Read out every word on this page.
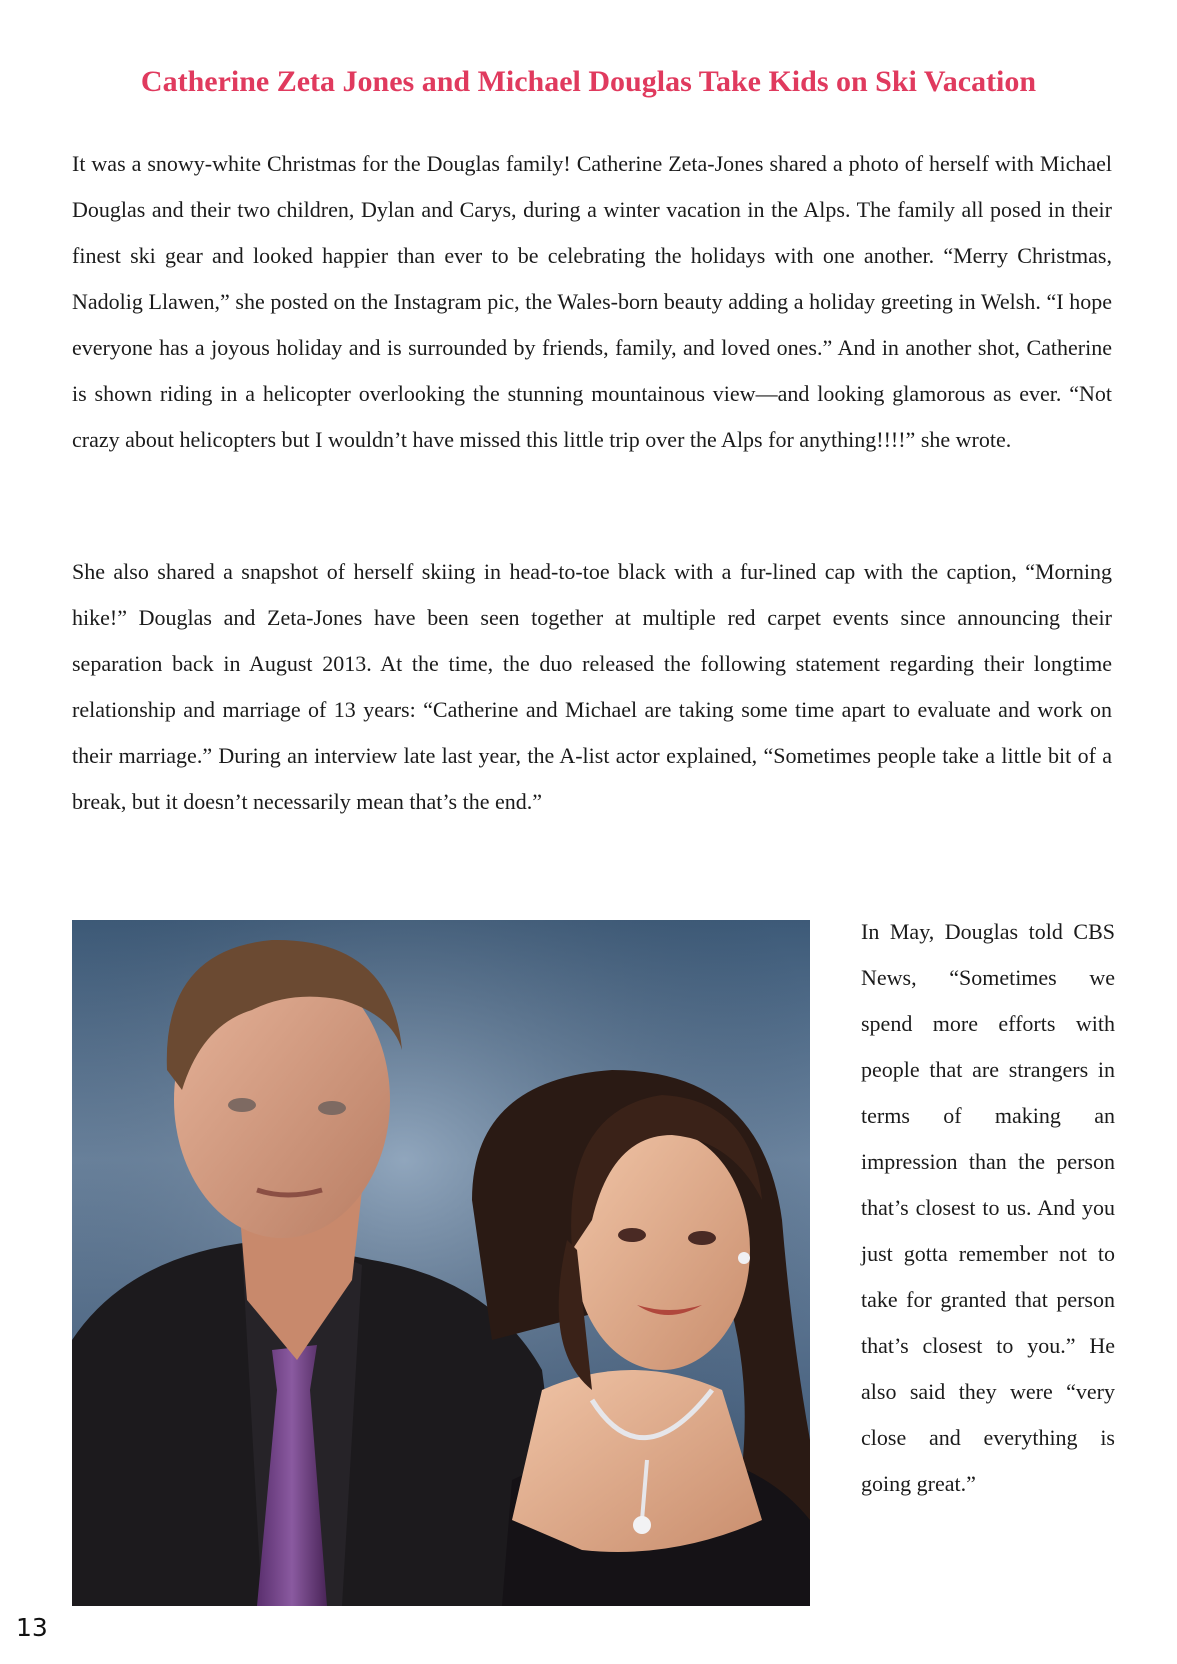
Catherine Zeta Jones and Michael Douglas Take Kids on Ski Vacation

It was a snowy-white Christmas for the Douglas family! Catherine Zeta-Jones shared a photo of herself with Michael Douglas and their two children, Dylan and Carys, during a winter vacation in the Alps. The family all posed in their finest ski gear and looked happier than ever to be celebrating the holidays with one another. “Merry Christmas, Nadolig Llawen,” she posted on the Instagram pic, the Wales-born beauty adding a holiday greeting in Welsh. “I hope everyone has a joyous holiday and is surrounded by friends, family, and loved ones.” And in another shot, Catherine is shown riding in a helicopter overlooking the stunning mountainous view—and looking glamorous as ever. “Not crazy about helicopters but I wouldn’t have missed this little trip over the Alps for anything!!!!” she wrote.

She also shared a snapshot of herself skiing in head-to-toe black with a fur-lined cap with the caption, “Morning hike!” Douglas and Zeta-Jones have been seen together at multiple red carpet events since announcing their separation back in August 2013. At the time, the duo released the following statement regarding their longtime relationship and marriage of 13 years: “Catherine and Michael are taking some time apart to evaluate and work on their marriage.” During an interview late last year, the A-list actor explained, “Sometimes people take a little bit of a break, but it doesn’t necessarily mean that’s the end.”

In May, Douglas told CBS News, “Sometimes we spend more efforts with people that are strangers in terms of making an impression than the person that’s closest to us. And you just gotta remember not to take for granted that person that’s closest to you.” He also said they were “very close and everything is going great.”

13
